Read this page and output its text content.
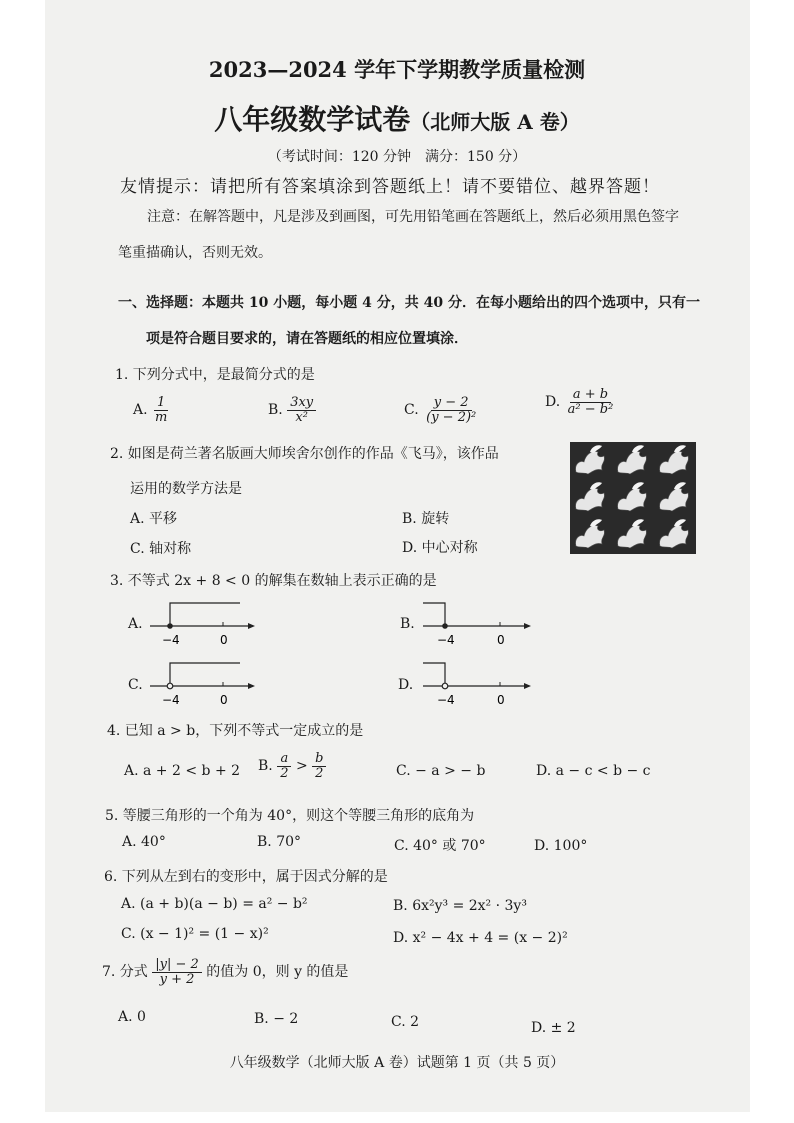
2023—2024 学年下学期教学质量检测
八年级数学试卷（北师大版 A 卷）
（考试时间：120 分钟　满分：150 分）
友情提示：请把所有答案填涂到答题纸上！请不要错位、越界答题！
注意：在解答题中，凡是涉及到画图，可先用铅笔画在答题纸上，然后必须用黑色签字
笔重描确认，否则无效。
一、选择题：本题共 10 小题，每小题 4 分，共 40 分．在每小题给出的四个选项中，只有一
项是符合题目要求的，请在答题纸的相应位置填涂．
1. 下列分式中，是最简分式的是
A. $\frac{1}{m}$	B. $\frac{3xy}{\text{x²}}$	C. $\frac{y - 2}{\text{(y − 2)²}}$	D. $\frac{a + b}{\text{a² − b²}}$
2. 如图是荷兰著名版画大师埃舍尔创作的作品《飞马》，该作品
运用的数学方法是
A. 平移	B. 旋转
C. 轴对称	D. 中心对称
3. 不等式 2x + 8 < 0 的解集在数轴上表示正确的是
A.
−4	0
B.
−4	0
C.
−4	0
D.
−4	0
4. 已知 a > b，下列不等式一定成立的是
A. a + 2 < b + 2 B. $\frac{a}{2} > \frac{b}{2}$	C. − a > − b	D. a − c < b − c
5. 等腰三角形的一个角为 40°，则这个等腰三角形的底角为
A. 40°	B. 70°	C. 40° 或 70°	D. 100°
6. 下列从左到右的变形中，属于因式分解的是
A. (a + b)(a − b) = a² − b²	B. 6x²y³ = 2x² · 3y³
C. (x − 1)² = (1 − x)²	D. x² − 4x + 4 = (x − 2)²
7. 分式 $\frac{|y| - 2}{y + 2}$ 的值为 0，则 y 的值是
A. 0	B. − 2	C. 2	D. ± 2
八年级数学（北师大版 A 卷）试题第 1 页（共 5 页）
